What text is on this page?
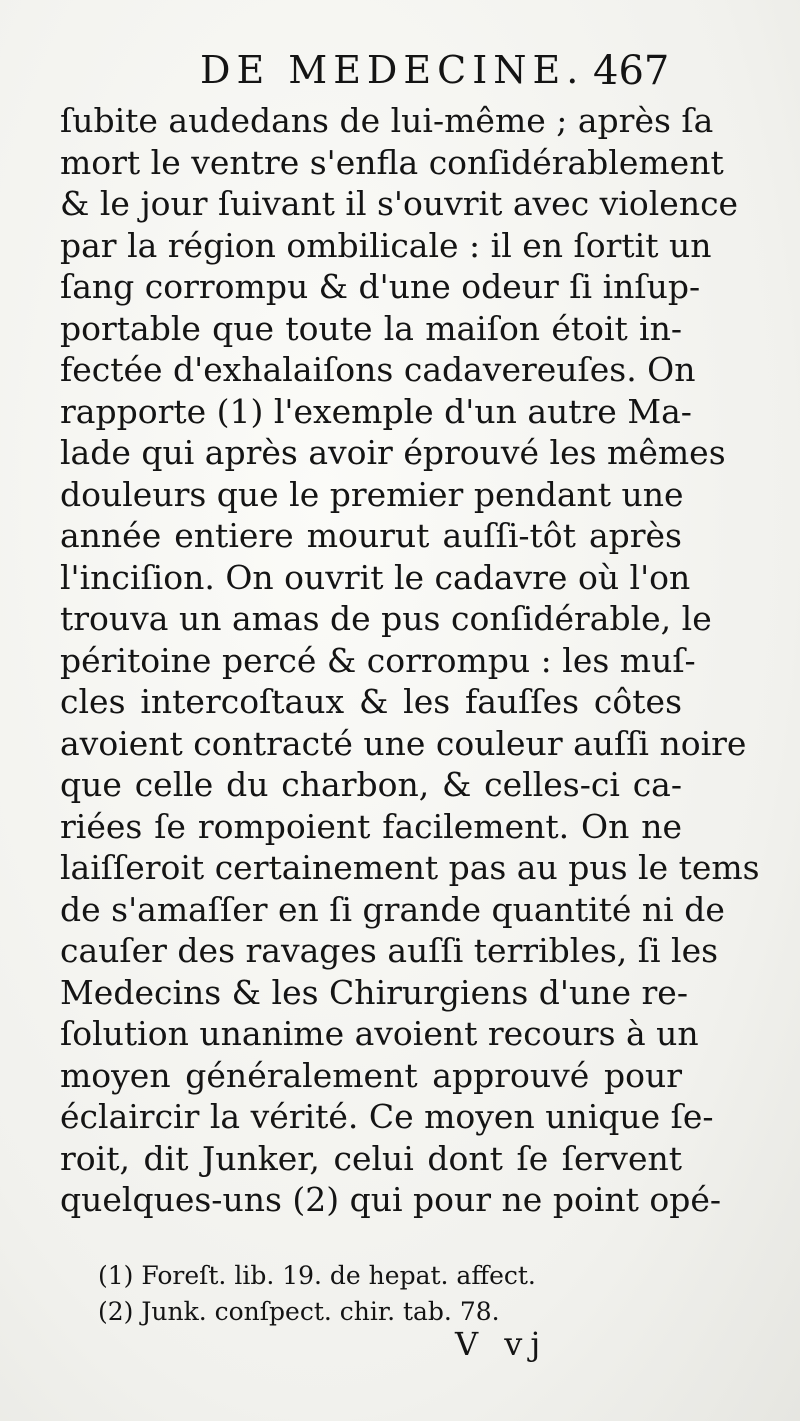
DE MEDECINE. 467
ſubite audedans de lui-même ; après ſa
mort le ventre s'enfla conſidérablement
& le jour ſuivant il s'ouvrit avec violence
par la région ombilicale : il en ſortit un
ſang corrompu & d'une odeur ſi inſup-
portable que toute la maiſon étoit in-
fectée d'exhalaiſons cadavereuſes. On
rapporte (1) l'exemple d'un autre Ma-
lade qui après avoir éprouvé les mêmes
douleurs que le premier pendant une
année entiere mourut auſſi-tôt après
l'inciſion. On ouvrit le cadavre où l'on
trouva un amas de pus conſidérable, le
péritoine percé & corrompu : les muſ-
cles intercoſtaux & les fauſſes côtes
avoient contracté une couleur auſſi noire
que celle du charbon, & celles-ci ca-
riées ſe rompoient facilement. On ne
laiſſeroit certainement pas au pus le tems
de s'amaſſer en ſi grande quantité ni de
cauſer des ravages auſſi terribles, ſi les
Medecins & les Chirurgiens d'une re-
ſolution unanime avoient recours à un
moyen généralement approuvé pour
éclaircir la vérité. Ce moyen unique ſe-
roit, dit Junker, celui dont ſe ſervent
quelques-uns (2) qui pour ne point opé-
(1) Foreſt. lib. 19. de hepat. affect.
(2) Junk. conſpect. chir. tab. 78.
V vj
